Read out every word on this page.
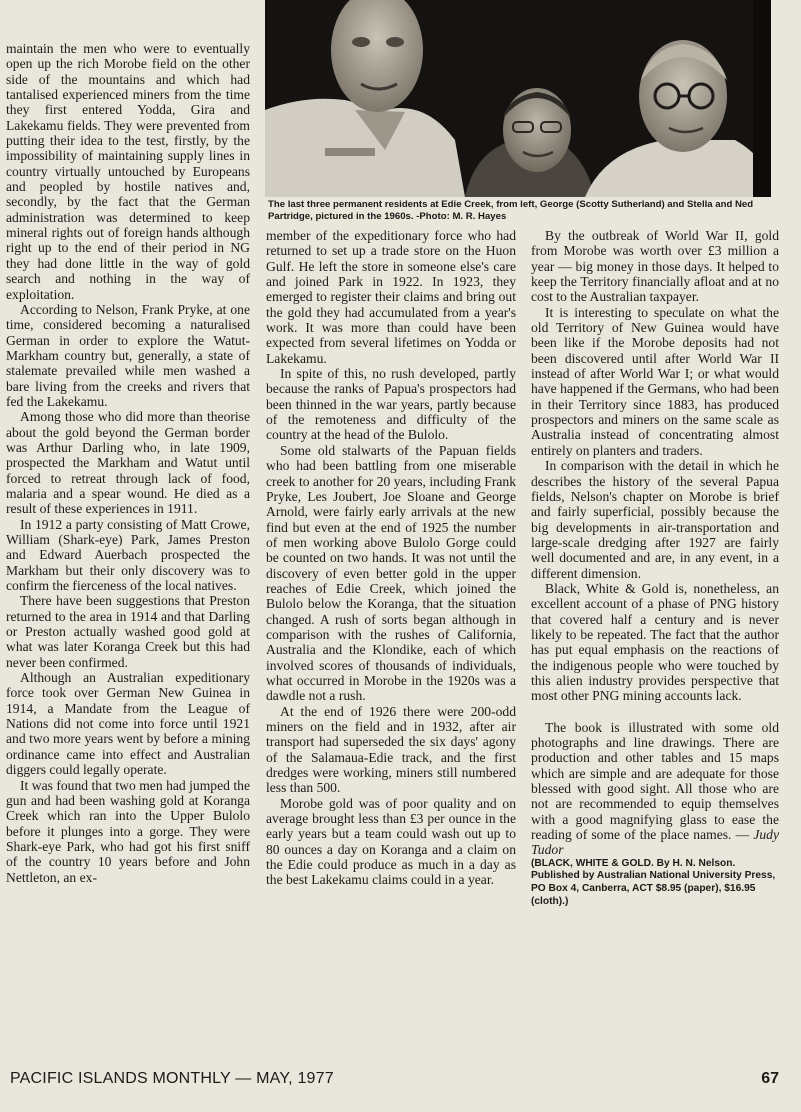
The last three permanent residents at Edie Creek, from left, George (Scotty Sutherland) and Stella and Ned Partridge, pictured in the 1960s. -Photo: M. R. Hayes

maintain the men who were to eventually open up the rich Morobe field on the other side of the mountains and which had tantalised experienced miners from the time they first entered Yodda, Gira and Lakekamu fields. They were prevented from putting their idea to the test, firstly, by the impossibility of maintaining supply lines in country virtually untouched by Europeans and peopled by hostile natives and, secondly, by the fact that the German administration was determined to keep mineral rights out of foreign hands although right up to the end of their period in NG they had done little in the way of gold search and nothing in the way of exploitation.

According to Nelson, Frank Pryke, at one time, considered becoming a naturalised German in order to explore the Watut-Markham country but, generally, a state of stalemate prevailed while men washed a bare living from the creeks and rivers that fed the Lakekamu.

Among those who did more than theorise about the gold beyond the German border was Arthur Darling who, in late 1909, prospected the Markham and Watut until forced to retreat through lack of food, malaria and a spear wound. He died as a result of these experiences in 1911.

In 1912 a party consisting of Matt Crowe, William (Shark-eye) Park, James Preston and Edward Auerbach prospected the Markham but their only discovery was to confirm the fierceness of the local natives.

There have been suggestions that Preston returned to the area in 1914 and that Darling or Preston actually washed good gold at what was later Koranga Creek but this had never been confirmed.

Although an Australian expeditionary force took over German New Guinea in 1914, a Mandate from the League of Nations did not come into force until 1921 and two more years went by before a mining ordinance came into effect and Australian diggers could legally operate.

It was found that two men had jumped the gun and had been washing gold at Koranga Creek which ran into the Upper Bulolo before it plunges into a gorge. They were Shark-eye Park, who had got his first sniff of the country 10 years before and John Nettleton, an ex-

member of the expeditionary force who had returned to set up a trade store on the Huon Gulf. He left the store in someone else's care and joined Park in 1922. In 1923, they emerged to register their claims and bring out the gold they had accumulated from a year's work. It was more than could have been expected from several lifetimes on Yodda or Lakekamu.

In spite of this, no rush developed, partly because the ranks of Papua's prospectors had been thinned in the war years, partly because of the remoteness and difficulty of the country at the head of the Bulolo.

Some old stalwarts of the Papuan fields who had been battling from one miserable creek to another for 20 years, including Frank Pryke, Les Joubert, Joe Sloane and George Arnold, were fairly early arrivals at the new find but even at the end of 1925 the number of men working above Bulolo Gorge could be counted on two hands. It was not until the discovery of even better gold in the upper reaches of Edie Creek, which joined the Bulolo below the Koranga, that the situation changed. A rush of sorts began although in comparison with the rushes of California, Australia and the Klondike, each of which involved scores of thousands of individuals, what occurred in Morobe in the 1920s was a dawdle not a rush.

At the end of 1926 there were 200-odd miners on the field and in 1932, after air transport had superseded the six days' agony of the Salamaua-Edie track, and the first dredges were working, miners still numbered less than 500.

Morobe gold was of poor quality and on average brought less than £3 per ounce in the early years but a team could wash out up to 80 ounces a day on Koranga and a claim on the Edie could produce as much in a day as the best Lakekamu claims could in a year.

By the outbreak of World War II, gold from Morobe was worth over £3 million a year — big money in those days. It helped to keep the Territory financially afloat and at no cost to the Australian taxpayer.

It is interesting to speculate on what the old Territory of New Guinea would have been like if the Morobe deposits had not been discovered until after World War II instead of after World War I; or what would have happened if the Germans, who had been in their Territory since 1883, has produced prospectors and miners on the same scale as Australia instead of concentrating almost entirely on planters and traders.

In comparison with the detail in which he describes the history of the several Papua fields, Nelson's chapter on Morobe is brief and fairly superficial, possibly because the big developments in air-transportation and large-scale dredging after 1927 are fairly well documented and are, in any event, in a different dimension.

Black, White & Gold is, nonetheless, an excellent account of a phase of PNG history that covered half a century and is never likely to be repeated. The fact that the author has put equal emphasis on the reactions of the indigenous people who were touched by this alien industry provides perspective that most other PNG mining accounts lack.

The book is illustrated with some old photographs and line drawings. There are production and other tables and 15 maps which are simple and are adequate for those blessed with good sight. All those who are not are recommended to equip themselves with a good magnifying glass to ease the reading of some of the place names. — Judy Tudor

(BLACK, WHITE & GOLD. By H. N. Nelson. Published by Australian National University Press, PO Box 4, Canberra, ACT $8.95 (paper), $16.95 (cloth).)

PACIFIC ISLANDS MONTHLY — MAY, 1977	67
